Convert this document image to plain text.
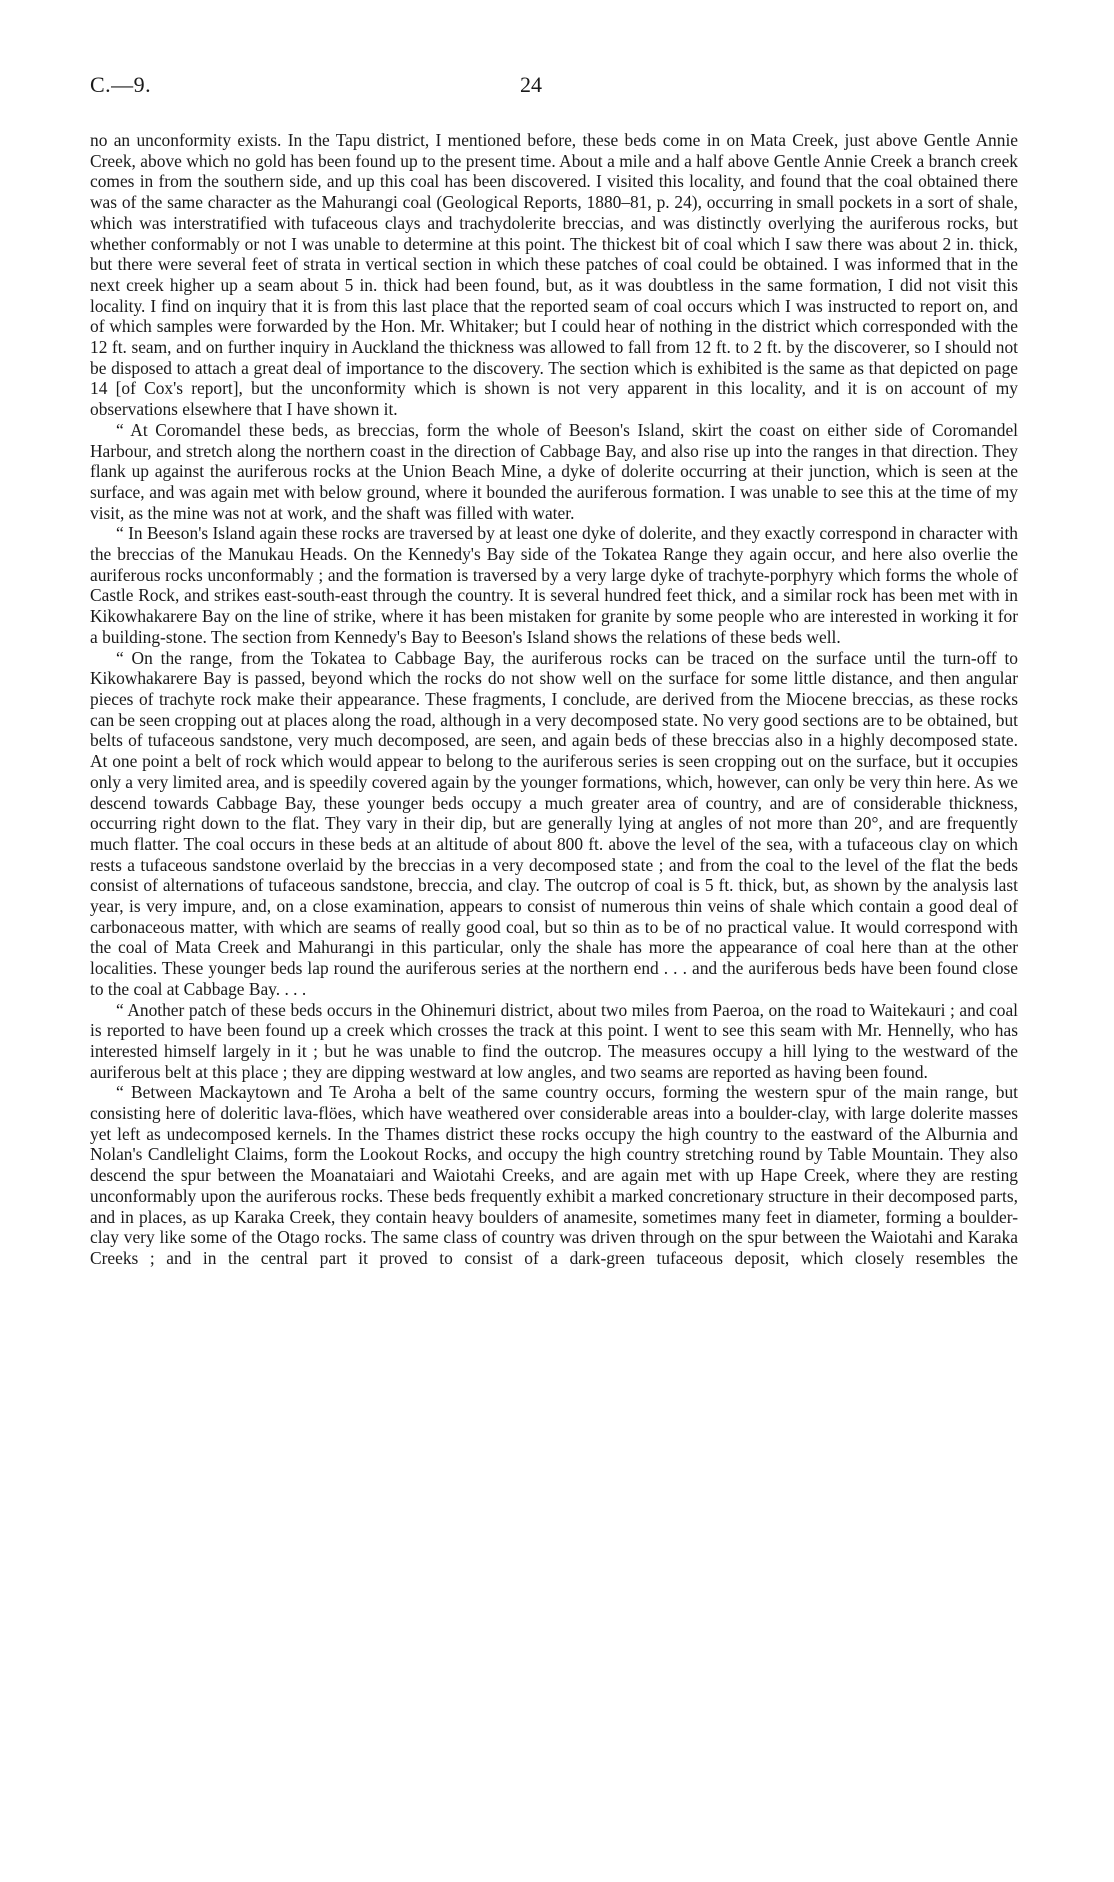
C.—9.	24

no an unconformity exists. In the Tapu district, I mentioned before, these beds come in on Mata Creek, just above Gentle Annie Creek, above which no gold has been found up to the present time. About a mile and a half above Gentle Annie Creek a branch creek comes in from the southern side, and up this coal has been discovered. I visited this locality, and found that the coal obtained there was of the same character as the Mahurangi coal (Geological Reports, 1880–81, p. 24), occurring in small pockets in a sort of shale, which was interstratified with tufaceous clays and trachydolerite breccias, and was distinctly overlying the auriferous rocks, but whether conformably or not I was unable to determine at this point. The thickest bit of coal which I saw there was about 2 in. thick, but there were several feet of strata in vertical section in which these patches of coal could be obtained. I was informed that in the next creek higher up a seam about 5 in. thick had been found, but, as it was doubtless in the same formation, I did not visit this locality. I find on inquiry that it is from this last place that the reported seam of coal occurs which I was instructed to report on, and of which samples were forwarded by the Hon. Mr. Whitaker; but I could hear of nothing in the district which corresponded with the 12 ft. seam, and on further inquiry in Auckland the thickness was allowed to fall from 12 ft. to 2 ft. by the discoverer, so I should not be disposed to attach a great deal of importance to the discovery. The section which is exhibited is the same as that depicted on page 14 [of Cox's report], but the unconformity which is shown is not very apparent in this locality, and it is on account of my observations elsewhere that I have shown it.

“ At Coromandel these beds, as breccias, form the whole of Beeson's Island, skirt the coast on either side of Coromandel Harbour, and stretch along the northern coast in the direction of Cabbage Bay, and also rise up into the ranges in that direction. They flank up against the auriferous rocks at the Union Beach Mine, a dyke of dolerite occurring at their junction, which is seen at the surface, and was again met with below ground, where it bounded the auriferous formation. I was unable to see this at the time of my visit, as the mine was not at work, and the shaft was filled with water.

“ In Beeson's Island again these rocks are traversed by at least one dyke of dolerite, and they exactly correspond in character with the breccias of the Manukau Heads. On the Kennedy's Bay side of the Tokatea Range they again occur, and here also overlie the auriferous rocks unconformably ; and the formation is traversed by a very large dyke of trachyte-porphyry which forms the whole of Castle Rock, and strikes east-south-east through the country. It is several hundred feet thick, and a similar rock has been met with in Kikowhakarere Bay on the line of strike, where it has been mistaken for granite by some people who are interested in working it for a building-stone. The section from Kennedy's Bay to Beeson's Island shows the relations of these beds well.

“ On the range, from the Tokatea to Cabbage Bay, the auriferous rocks can be traced on the surface until the turn-off to Kikowhakarere Bay is passed, beyond which the rocks do not show well on the surface for some little distance, and then angular pieces of trachyte rock make their appearance. These fragments, I conclude, are derived from the Miocene breccias, as these rocks can be seen cropping out at places along the road, although in a very decomposed state. No very good sections are to be obtained, but belts of tufaceous sandstone, very much decomposed, are seen, and again beds of these breccias also in a highly decomposed state. At one point a belt of rock which would appear to belong to the auriferous series is seen cropping out on the surface, but it occupies only a very limited area, and is speedily covered again by the younger formations, which, however, can only be very thin here. As we descend towards Cabbage Bay, these younger beds occupy a much greater area of country, and are of considerable thickness, occurring right down to the flat. They vary in their dip, but are generally lying at angles of not more than 20°, and are frequently much flatter. The coal occurs in these beds at an altitude of about 800 ft. above the level of the sea, with a tufaceous clay on which rests a tufaceous sandstone overlaid by the breccias in a very decomposed state ; and from the coal to the level of the flat the beds consist of alternations of tufaceous sandstone, breccia, and clay. The outcrop of coal is 5 ft. thick, but, as shown by the analysis last year, is very impure, and, on a close examination, appears to consist of numerous thin veins of shale which contain a good deal of carbonaceous matter, with which are seams of really good coal, but so thin as to be of no practical value. It would correspond with the coal of Mata Creek and Mahurangi in this particular, only the shale has more the appearance of coal here than at the other localities. These younger beds lap round the auriferous series at the northern end . . . and the auriferous beds have been found close to the coal at Cabbage Bay. . . .

“ Another patch of these beds occurs in the Ohinemuri district, about two miles from Paeroa, on the road to Waitekauri ; and coal is reported to have been found up a creek which crosses the track at this point. I went to see this seam with Mr. Hennelly, who has interested himself largely in it ; but he was unable to find the outcrop. The measures occupy a hill lying to the westward of the auriferous belt at this place ; they are dipping westward at low angles, and two seams are reported as having been found.

“ Between Mackaytown and Te Aroha a belt of the same country occurs, forming the western spur of the main range, but consisting here of doleritic lava-flöes, which have weathered over considerable areas into a boulder-clay, with large dolerite masses yet left as undecomposed kernels. In the Thames district these rocks occupy the high country to the eastward of the Alburnia and Nolan's Candlelight Claims, form the Lookout Rocks, and occupy the high country stretching round by Table Mountain. They also descend the spur between the Moanataiari and Waiotahi Creeks, and are again met with up Hape Creek, where they are resting unconformably upon the auriferous rocks. These beds frequently exhibit a marked concretionary structure in their decomposed parts, and in places, as up Karaka Creek, they contain heavy boulders of anamesite, sometimes many feet in diameter, forming a boulder-clay very like some of the Otago rocks. The same class of country was driven through on the spur between the Waiotahi and Karaka Creeks ; and in the central part it proved to consist of a dark-green tufaceous deposit, which closely resembles the
